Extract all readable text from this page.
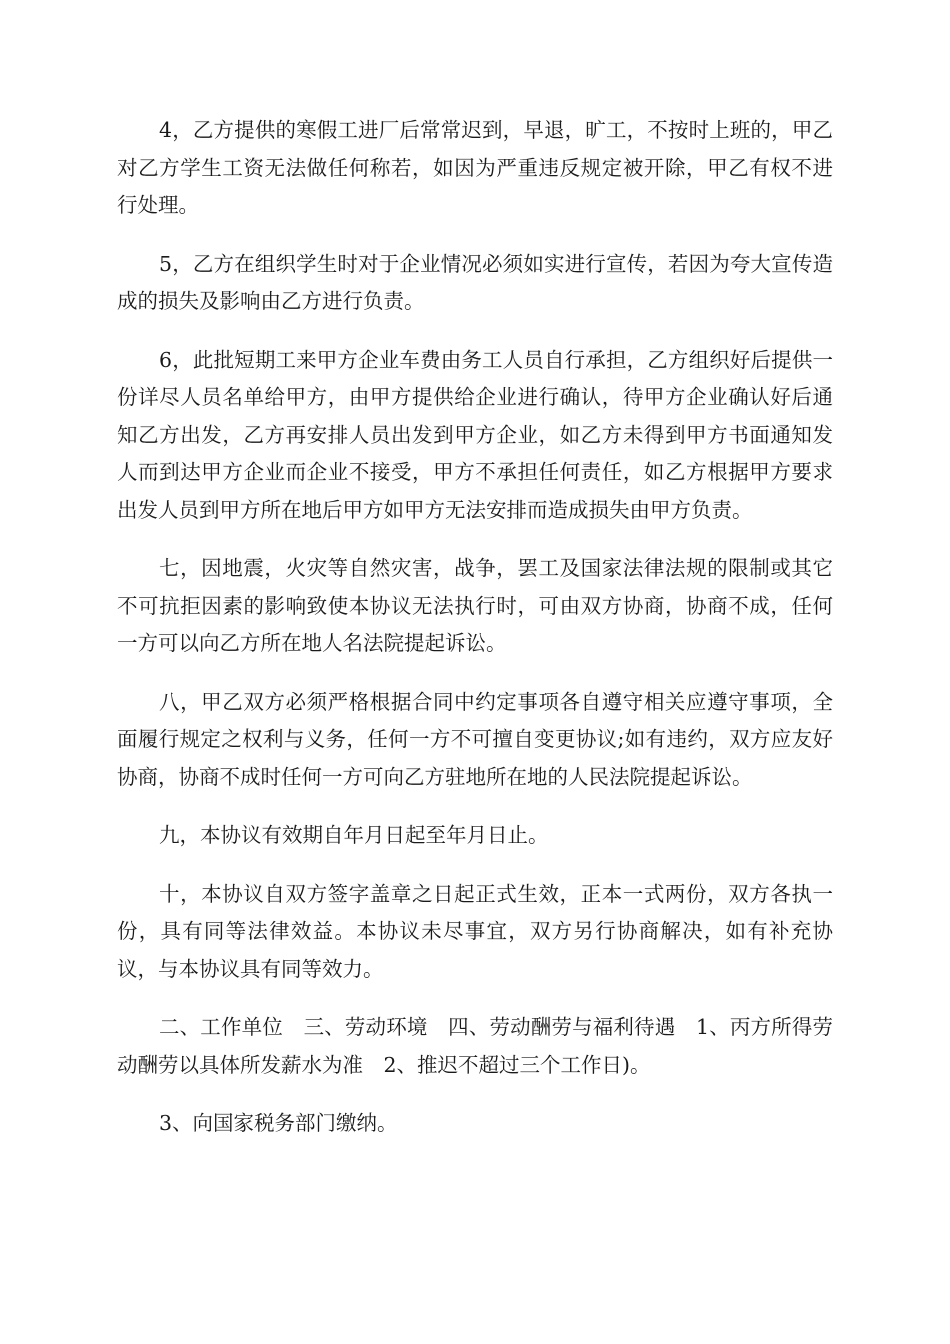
4，乙方提供的寒假工进厂后常常迟到，早退，旷工，不按时上班的，甲乙对乙方学生工资无法做任何称若，如因为严重违反规定被开除，甲乙有权不进行处理。

5，乙方在组织学生时对于企业情况必须如实进行宣传，若因为夸大宣传造成的损失及影响由乙方进行负责。

6，此批短期工来甲方企业车费由务工人员自行承担，乙方组织好后提供一份详尽人员名单给甲方，由甲方提供给企业进行确认，待甲方企业确认好后通知乙方出发，乙方再安排人员出发到甲方企业，如乙方未得到甲方书面通知发人而到达甲方企业而企业不接受，甲方不承担任何责任，如乙方根据甲方要求出发人员到甲方所在地后甲方如甲方无法安排而造成损失由甲方负责。

七，因地震，火灾等自然灾害，战争，罢工及国家法律法规的限制或其它不可抗拒因素的影响致使本协议无法执行时，可由双方协商，协商不成，任何一方可以向乙方所在地人名法院提起诉讼。

八，甲乙双方必须严格根据合同中约定事项各自遵守相关应遵守事项，全面履行规定之权利与义务，任何一方不可擅自变更协议;如有违约，双方应友好协商，协商不成时任何一方可向乙方驻地所在地的人民法院提起诉讼。

九，本协议有效期自年月日起至年月日止。

十，本协议自双方签字盖章之日起正式生效，正本一式两份，双方各执一份，具有同等法律效益。本协议未尽事宜，双方另行协商解决，如有补充协议，与本协议具有同等效力。

二、工作单位　三、劳动环境　四、劳动酬劳与福利待遇　1、丙方所得劳动酬劳以具体所发薪水为准　2、推迟不超过三个工作日)。

3、向国家税务部门缴纳。
